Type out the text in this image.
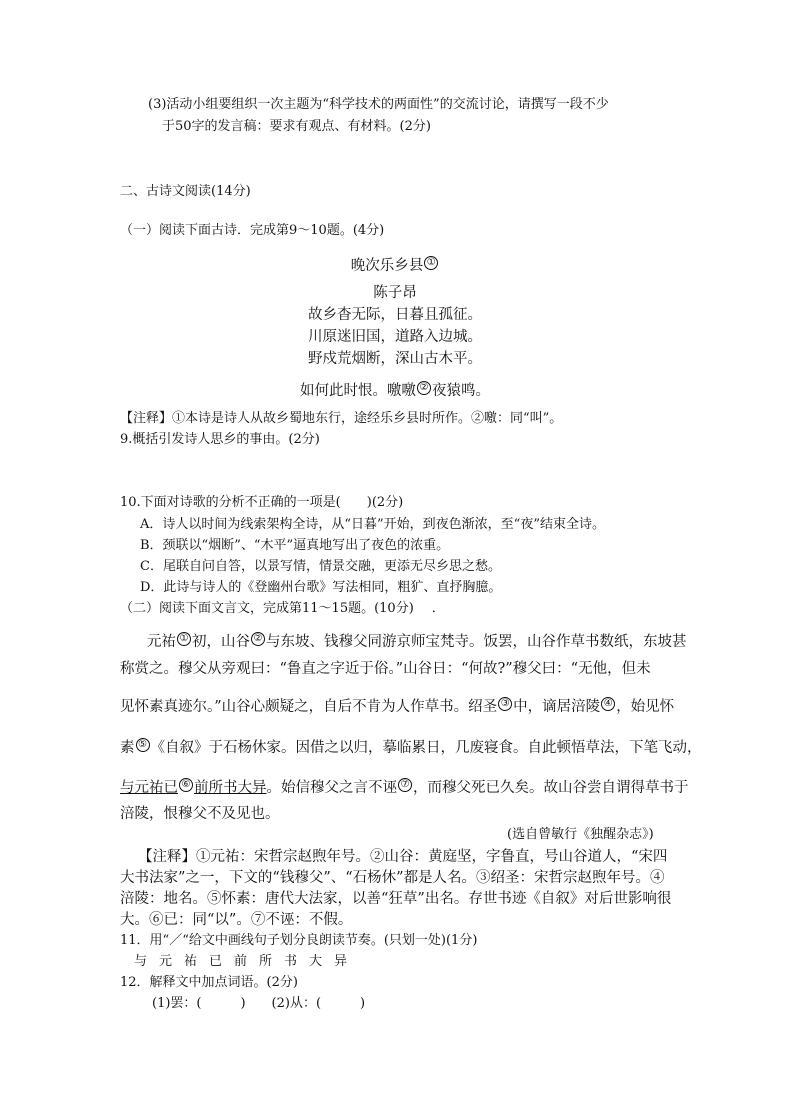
(3)活动小组要组织一次主题为“科学技术的两面性”的交流讨论，请撰写一段不少
于50字的发言稿：要求有观点、有材料。(2分)
二、古诗文阅读(14分)
（一）阅读下面古诗．完成第9～10题。(4分)
晚次乐乡县 ①
陈子昂
故乡杳无际，日暮且孤征。
川原迷旧国，道路入边城。
野戍荒烟断，深山古木平。
如何此时恨。噭噭 ② 夜猿鸣。
【注释】①本诗是诗人从故乡蜀地东行，途经乐乡县时所作。②噭：同“叫”。
9.概括引发诗人思乡的事由。(2分)
10.下面对诗歌的分析不正确的一项是(　　)(2分)
A．诗人以时间为线索架构全诗，从“日暮”开始，到夜色渐浓，至“夜”结束全诗。
B．颈联以“烟断”、“木平”逼真地写出了夜色的浓重。
C．尾联自问自答，以景写情，情景交融，更添无尽乡思之愁。
D．此诗与诗人的《登幽州台歌》写法相同，粗犷、直抒胸臆。
（二）阅读下面文言文，完成第11～15题。(10分) ．
元祐 ① 初，山谷 ② 与东坡、钱穆父同游京师宝梵寺。饭罢，山谷作草书数纸，东坡甚
称赏之。穆父从旁观曰：“鲁直之字近于俗。”山谷日：“何故?”穆父曰：“无他，但未
见怀素真迹尔。”山谷心颇疑之，自后不肯为人作草书。绍圣 ③ 中，谪居涪陵 ④ ，始见怀
素 ⑤ 《自叙》于石杨休家。因借之以归，摹临累日，几废寝食。自此顿悟草法，下笔飞动，
与元祐已 ⑥ 前所书大异。始信穆父之言不诬 ⑦ ，而穆父死已久矣。故山谷尝自谓得草书于
涪陵，恨穆父不及见也。
(选自曾敏行《独醒杂志》)
【注释】①元祐：宋哲宗赵煦年号。②山谷：黄庭坚，字鲁直，号山谷道人，“宋四
大书法家”之一，下文的“钱穆父”、“石杨休”都是人名。③绍圣：宋哲宗赵煦年号。④
涪陵：地名。⑤怀素：唐代大法家，以善“狂草”出名。存世书迹《自叙》对后世影响很
大。⑥已：同“以”。⑦不诬：不假。
11．用“／“给文中画线句子划分良朗读节奏。(只划一处)(1分)
与元祐已前所书大异
12．解释文中加点词语。(2分)
(1)罢：(　　　)　　(2)从：(　　　)
